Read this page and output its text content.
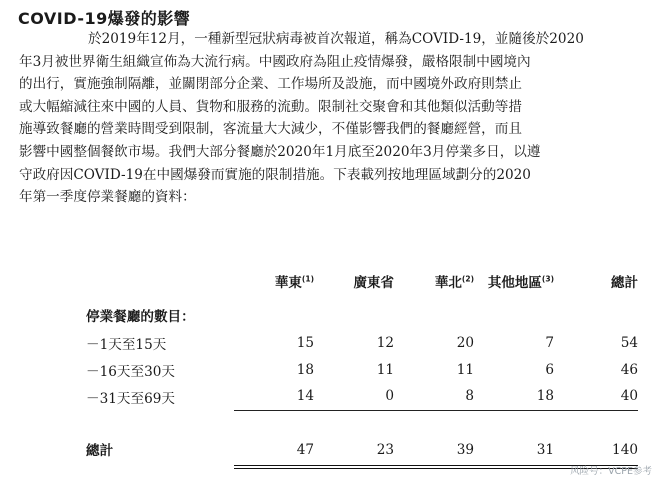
COVID-19爆發的影響
於2019年12月，一種新型冠狀病毒被首次報道，稱為COVID-19，並隨後於2020
年3月被世界衛生組織宣佈為大流行病。中國政府為阻止疫情爆發，嚴格限制中國境內
的出行，實施強制隔離，並關閉部分企業、工作場所及設施，而中國境外政府則禁止
或大幅縮減往來中國的人員、貨物和服務的流動。限制社交聚會和其他類似活動等措
施導致餐廳的營業時間受到限制，客流量大大減少，不僅影響我們的餐廳經營，而且
影響中國整個餐飲市場。我們大部分餐廳於2020年1月底至2020年3月停業多日，以遵
守政府因COVID-19在中國爆發而實施的限制措施。下表載列按地理區域劃分的2020
年第一季度停業餐廳的資料：
	華東$^{(1)}$	廣東省	華北$^{(2)}$	其他地區$^{(3)}$	總計
停業餐廳的數目：					
－1天至15天	15	12	20	7	54
－16天至30天	18	11	11	6	46
－31天至69天	14	0	8	18	40

總計	47	23	39	31	140
风险号：VCPE参考
